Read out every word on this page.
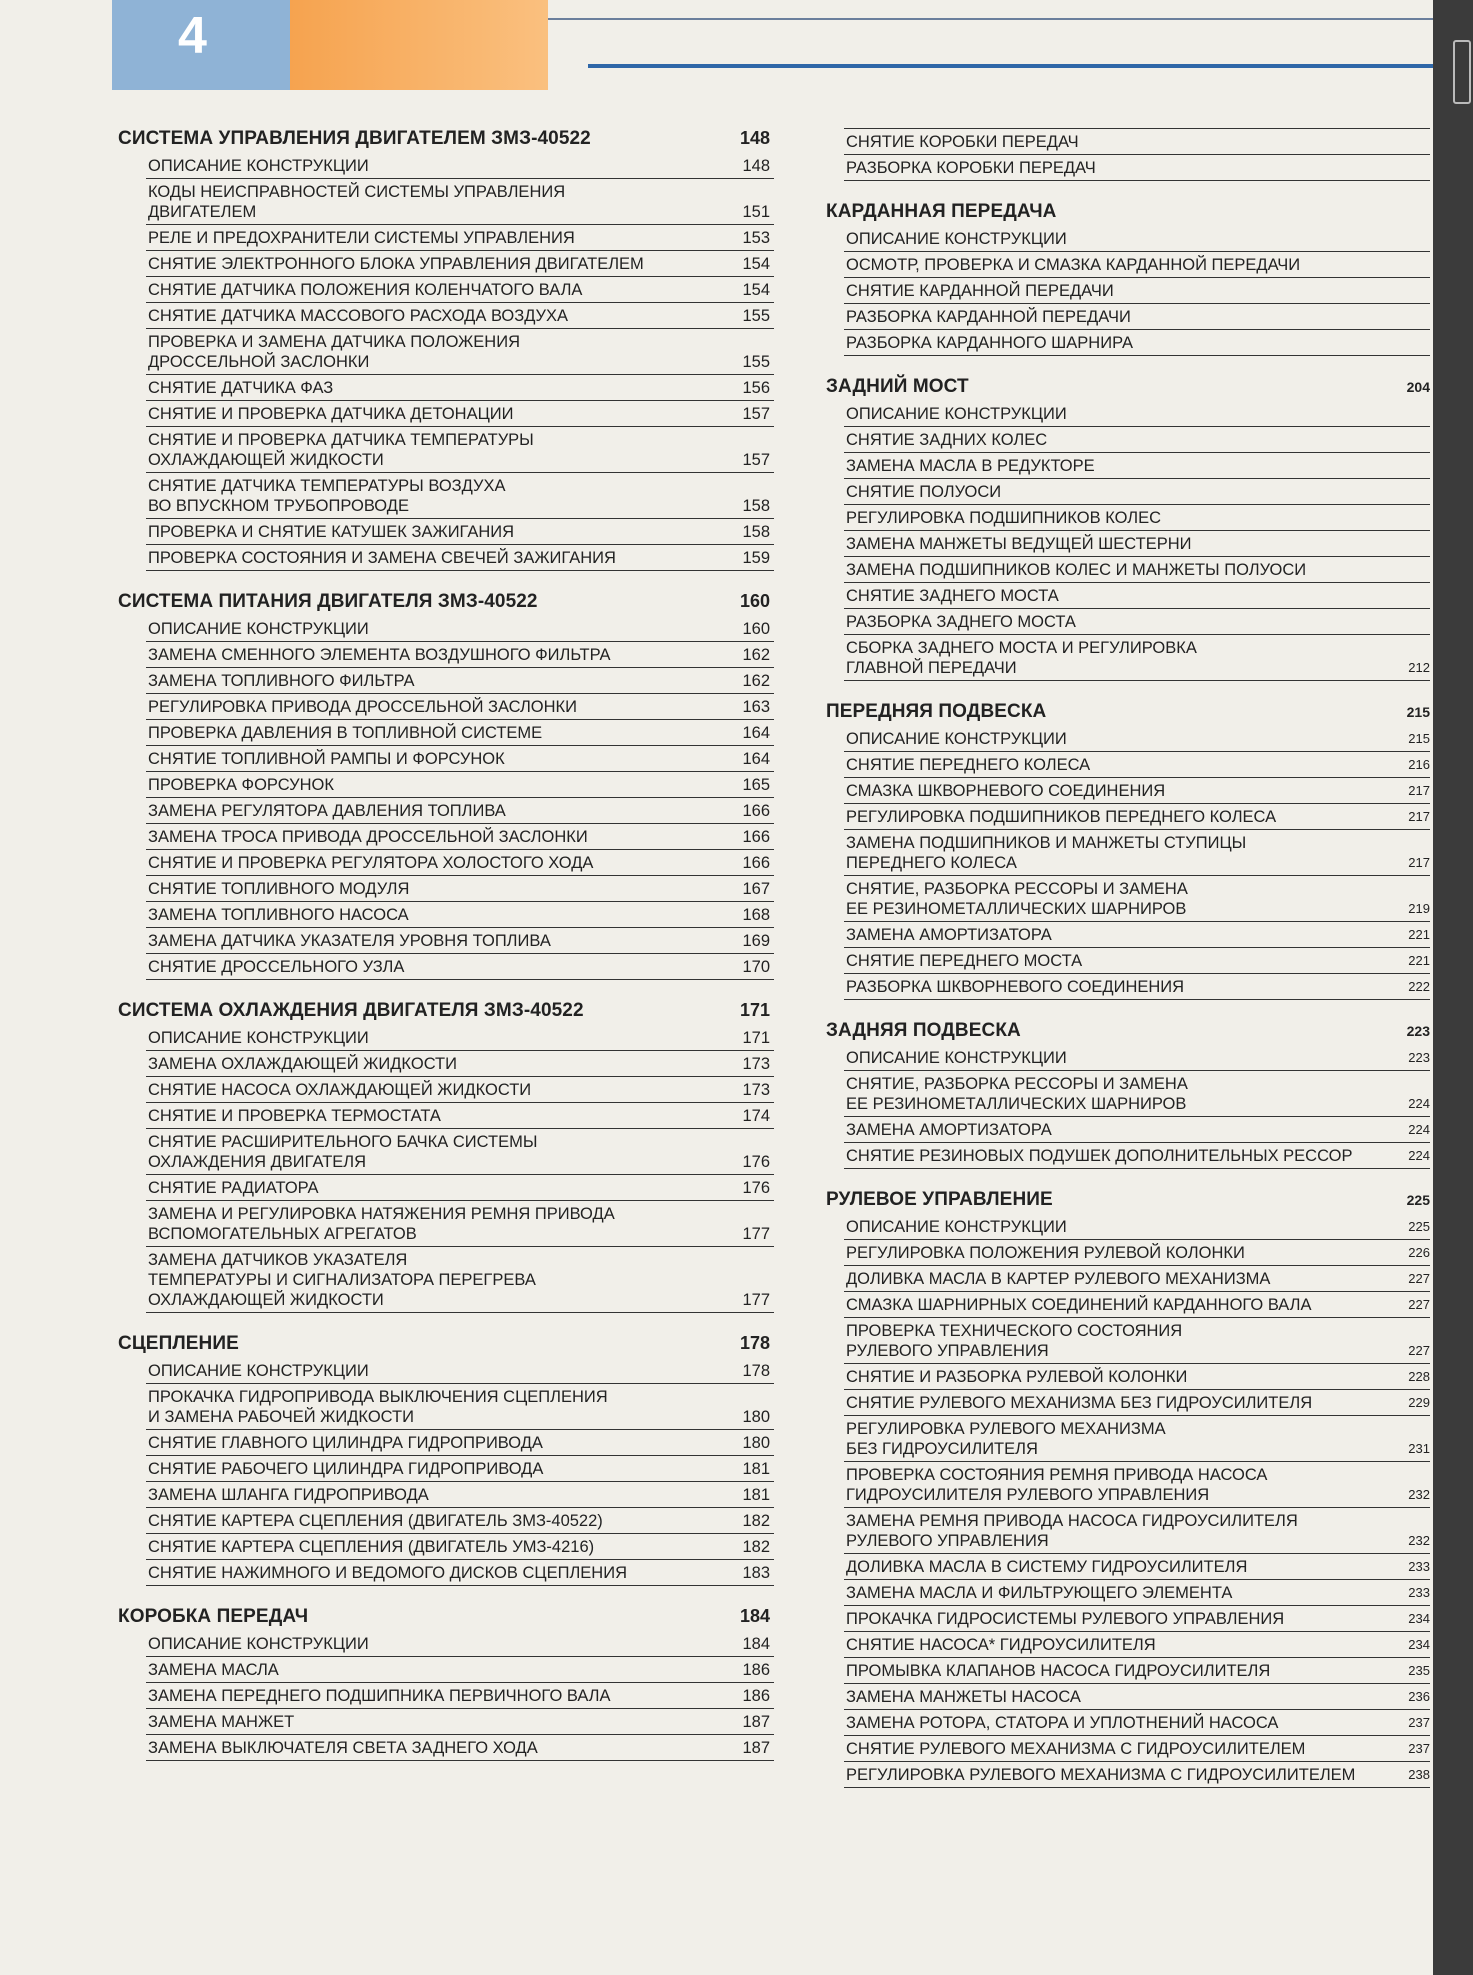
4
СИСТЕМА УПРАВЛЕНИЯ ДВИГАТЕЛЕМ ЗМЗ-40522	148
ОПИСАНИЕ КОНСТРУКЦИИ	148
КОДЫ НЕИСПРАВНОСТЕЙ СИСТЕМЫ УПРАВЛЕНИЯ
ДВИГАТЕЛЕМ	151
РЕЛЕ И ПРЕДОХРАНИТЕЛИ СИСТЕМЫ УПРАВЛЕНИЯ	153
СНЯТИЕ ЭЛЕКТРОННОГО БЛОКА УПРАВЛЕНИЯ ДВИГАТЕЛЕМ	154
СНЯТИЕ ДАТЧИКА ПОЛОЖЕНИЯ КОЛЕНЧАТОГО ВАЛА	154
СНЯТИЕ ДАТЧИКА МАССОВОГО РАСХОДА ВОЗДУХА	155
ПРОВЕРКА И ЗАМЕНА ДАТЧИКА ПОЛОЖЕНИЯ
ДРОССЕЛЬНОЙ ЗАСЛОНКИ	155
СНЯТИЕ ДАТЧИКА ФАЗ	156
СНЯТИЕ И ПРОВЕРКА ДАТЧИКА ДЕТОНАЦИИ	157
СНЯТИЕ И ПРОВЕРКА ДАТЧИКА ТЕМПЕРАТУРЫ
ОХЛАЖДАЮЩЕЙ ЖИДКОСТИ	157
СНЯТИЕ ДАТЧИКА ТЕМПЕРАТУРЫ ВОЗДУХА
ВО ВПУСКНОМ ТРУБОПРОВОДЕ	158
ПРОВЕРКА И СНЯТИЕ КАТУШЕК ЗАЖИГАНИЯ	158
ПРОВЕРКА СОСТОЯНИЯ И ЗАМЕНА СВЕЧЕЙ ЗАЖИГАНИЯ	159
СИСТЕМА ПИТАНИЯ ДВИГАТЕЛЯ ЗМЗ-40522	160
ОПИСАНИЕ КОНСТРУКЦИИ	160
ЗАМЕНА СМЕННОГО ЭЛЕМЕНТА ВОЗДУШНОГО ФИЛЬТРА	162
ЗАМЕНА ТОПЛИВНОГО ФИЛЬТРА	162
РЕГУЛИРОВКА ПРИВОДА ДРОССЕЛЬНОЙ ЗАСЛОНКИ	163
ПРОВЕРКА ДАВЛЕНИЯ В ТОПЛИВНОЙ СИСТЕМЕ	164
СНЯТИЕ ТОПЛИВНОЙ РАМПЫ И ФОРСУНОК	164
ПРОВЕРКА ФОРСУНОК	165
ЗАМЕНА РЕГУЛЯТОРА ДАВЛЕНИЯ ТОПЛИВА	166
ЗАМЕНА ТРОСА ПРИВОДА ДРОССЕЛЬНОЙ ЗАСЛОНКИ	166
СНЯТИЕ И ПРОВЕРКА РЕГУЛЯТОРА ХОЛОСТОГО ХОДА	166
СНЯТИЕ ТОПЛИВНОГО МОДУЛЯ	167
ЗАМЕНА ТОПЛИВНОГО НАСОСА	168
ЗАМЕНА ДАТЧИКА УКАЗАТЕЛЯ УРОВНЯ ТОПЛИВА	169
СНЯТИЕ ДРОССЕЛЬНОГО УЗЛА	170
СИСТЕМА ОХЛАЖДЕНИЯ ДВИГАТЕЛЯ ЗМЗ-40522	171
ОПИСАНИЕ КОНСТРУКЦИИ	171
ЗАМЕНА ОХЛАЖДАЮЩЕЙ ЖИДКОСТИ	173
СНЯТИЕ НАСОСА ОХЛАЖДАЮЩЕЙ ЖИДКОСТИ	173
СНЯТИЕ И ПРОВЕРКА ТЕРМОСТАТА	174
СНЯТИЕ РАСШИРИТЕЛЬНОГО БАЧКА СИСТЕМЫ
ОХЛАЖДЕНИЯ ДВИГАТЕЛЯ	176
СНЯТИЕ РАДИАТОРА	176
ЗАМЕНА И РЕГУЛИРОВКА НАТЯЖЕНИЯ РЕМНЯ ПРИВОДА
ВСПОМОГАТЕЛЬНЫХ АГРЕГАТОВ	177
ЗАМЕНА ДАТЧИКОВ УКАЗАТЕЛЯ
ТЕМПЕРАТУРЫ И СИГНАЛИЗАТОРА ПЕРЕГРЕВА
ОХЛАЖДАЮЩЕЙ ЖИДКОСТИ	177
СЦЕПЛЕНИЕ	178
ОПИСАНИЕ КОНСТРУКЦИИ	178
ПРОКАЧКА ГИДРОПРИВОДА ВЫКЛЮЧЕНИЯ СЦЕПЛЕНИЯ
И ЗАМЕНА РАБОЧЕЙ ЖИДКОСТИ	180
СНЯТИЕ ГЛАВНОГО ЦИЛИНДРА ГИДРОПРИВОДА	180
СНЯТИЕ РАБОЧЕГО ЦИЛИНДРА ГИДРОПРИВОДА	181
ЗАМЕНА ШЛАНГА ГИДРОПРИВОДА	181
СНЯТИЕ КАРТЕРА СЦЕПЛЕНИЯ (ДВИГАТЕЛЬ ЗМЗ-40522)	182
СНЯТИЕ КАРТЕРА СЦЕПЛЕНИЯ (ДВИГАТЕЛЬ УМЗ-4216)	182
СНЯТИЕ НАЖИМНОГО И ВЕДОМОГО ДИСКОВ СЦЕПЛЕНИЯ	183
КОРОБКА ПЕРЕДАЧ	184
ОПИСАНИЕ КОНСТРУКЦИИ	184
ЗАМЕНА МАСЛА	186
ЗАМЕНА ПЕРЕДНЕГО ПОДШИПНИКА ПЕРВИЧНОГО ВАЛА	186
ЗАМЕНА МАНЖЕТ	187
ЗАМЕНА ВЫКЛЮЧАТЕЛЯ СВЕТА ЗАДНЕГО ХОДА	187
СНЯТИЕ КОРОБКИ ПЕРЕДАЧ
РАЗБОРКА КОРОБКИ ПЕРЕДАЧ
КАРДАННАЯ ПЕРЕДАЧА
ОПИСАНИЕ КОНСТРУКЦИИ
ОСМОТР, ПРОВЕРКА И СМАЗКА КАРДАННОЙ ПЕРЕДАЧИ
СНЯТИЕ КАРДАННОЙ ПЕРЕДАЧИ
РАЗБОРКА КАРДАННОЙ ПЕРЕДАЧИ
РАЗБОРКА КАРДАННОГО ШАРНИРА
ЗАДНИЙ МОСТ	204
ОПИСАНИЕ КОНСТРУКЦИИ
СНЯТИЕ ЗАДНИХ КОЛЕС
ЗАМЕНА МАСЛА В РЕДУКТОРЕ
СНЯТИЕ ПОЛУОСИ
РЕГУЛИРОВКА ПОДШИПНИКОВ КОЛЕС
ЗАМЕНА МАНЖЕТЫ ВЕДУЩЕЙ ШЕСТЕРНИ
ЗАМЕНА ПОДШИПНИКОВ КОЛЕС И МАНЖЕТЫ ПОЛУОСИ
СНЯТИЕ ЗАДНЕГО МОСТА
РАЗБОРКА ЗАДНЕГО МОСТА
СБОРКА ЗАДНЕГО МОСТА И РЕГУЛИРОВКА
ГЛАВНОЙ ПЕРЕДАЧИ	212
ПЕРЕДНЯЯ ПОДВЕСКА	215
ОПИСАНИЕ КОНСТРУКЦИИ	215
СНЯТИЕ ПЕРЕДНЕГО КОЛЕСА	216
СМАЗКА ШКВОРНЕВОГО СОЕДИНЕНИЯ	217
РЕГУЛИРОВКА ПОДШИПНИКОВ ПЕРЕДНЕГО КОЛЕСА	217
ЗАМЕНА ПОДШИПНИКОВ И МАНЖЕТЫ СТУПИЦЫ
ПЕРЕДНЕГО КОЛЕСА	217
СНЯТИЕ, РАЗБОРКА РЕССОРЫ И ЗАМЕНА
ЕЕ РЕЗИНОМЕТАЛЛИЧЕСКИХ ШАРНИРОВ	219
ЗАМЕНА АМОРТИЗАТОРА	221
СНЯТИЕ ПЕРЕДНЕГО МОСТА	221
РАЗБОРКА ШКВОРНЕВОГО СОЕДИНЕНИЯ	222
ЗАДНЯЯ ПОДВЕСКА	223
ОПИСАНИЕ КОНСТРУКЦИИ	223
СНЯТИЕ, РАЗБОРКА РЕССОРЫ И ЗАМЕНА
ЕЕ РЕЗИНОМЕТАЛЛИЧЕСКИХ ШАРНИРОВ	224
ЗАМЕНА АМОРТИЗАТОРА	224
СНЯТИЕ РЕЗИНОВЫХ ПОДУШЕК ДОПОЛНИТЕЛЬНЫХ РЕССОР	224
РУЛЕВОЕ УПРАВЛЕНИЕ	225
ОПИСАНИЕ КОНСТРУКЦИИ	225
РЕГУЛИРОВКА ПОЛОЖЕНИЯ РУЛЕВОЙ КОЛОНКИ	226
ДОЛИВКА МАСЛА В КАРТЕР РУЛЕВОГО МЕХАНИЗМА	227
СМАЗКА ШАРНИРНЫХ СОЕДИНЕНИЙ КАРДАННОГО ВАЛА	227
ПРОВЕРКА ТЕХНИЧЕСКОГО СОСТОЯНИЯ
РУЛЕВОГО УПРАВЛЕНИЯ	227
СНЯТИЕ И РАЗБОРКА РУЛЕВОЙ КОЛОНКИ	228
СНЯТИЕ РУЛЕВОГО МЕХАНИЗМА БЕЗ ГИДРОУСИЛИТЕЛЯ	229
РЕГУЛИРОВКА РУЛЕВОГО МЕХАНИЗМА
БЕЗ ГИДРОУСИЛИТЕЛЯ	231
ПРОВЕРКА СОСТОЯНИЯ РЕМНЯ ПРИВОДА НАСОСА
ГИДРОУСИЛИТЕЛЯ РУЛЕВОГО УПРАВЛЕНИЯ	232
ЗАМЕНА РЕМНЯ ПРИВОДА НАСОСА ГИДРОУСИЛИТЕЛЯ
РУЛЕВОГО УПРАВЛЕНИЯ	232
ДОЛИВКА МАСЛА В СИСТЕМУ ГИДРОУСИЛИТЕЛЯ	233
ЗАМЕНА МАСЛА И ФИЛЬТРУЮЩЕГО ЭЛЕМЕНТА	233
ПРОКАЧКА ГИДРОСИСТЕМЫ РУЛЕВОГО УПРАВЛЕНИЯ	234
СНЯТИЕ НАСОСА* ГИДРОУСИЛИТЕЛЯ	234
ПРОМЫВКА КЛАПАНОВ НАСОСА ГИДРОУСИЛИТЕЛЯ	235
ЗАМЕНА МАНЖЕТЫ НАСОСА	236
ЗАМЕНА РОТОРА, СТАТОРА И УПЛОТНЕНИЙ НАСОСА	237
СНЯТИЕ РУЛЕВОГО МЕХАНИЗМА С ГИДРОУСИЛИТЕЛЕМ	237
РЕГУЛИРОВКА РУЛЕВОГО МЕХАНИЗМА С ГИДРОУСИЛИТЕЛЕМ	238
